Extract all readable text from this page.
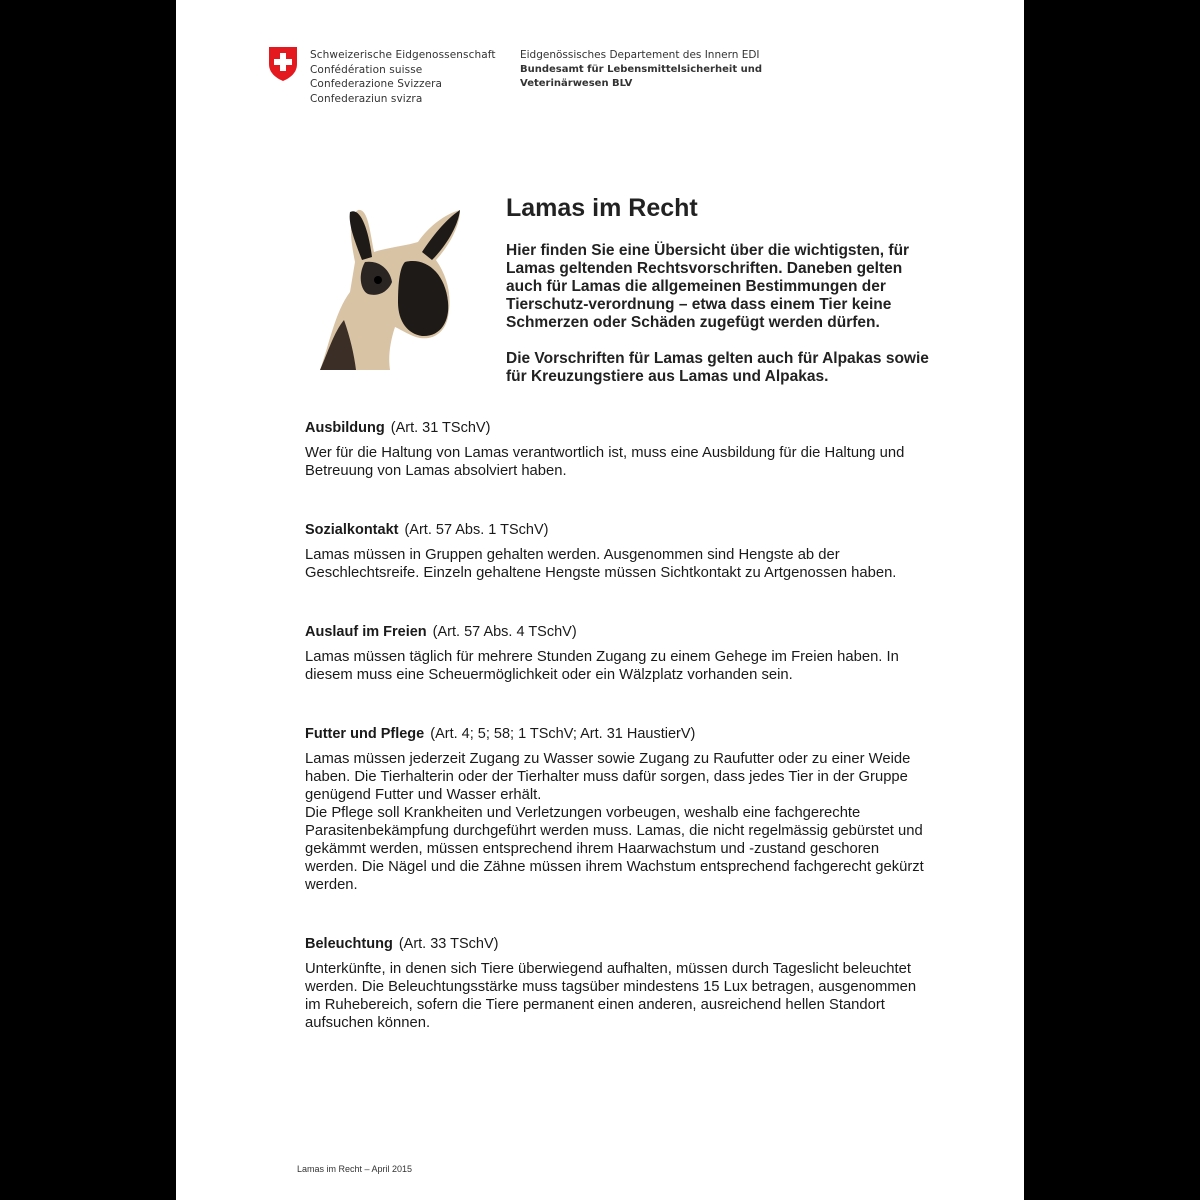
Schweizerische Eidgenossenschaft
Confédération suisse
Confederazione Svizzera
Confederaziun svizra
Eidgenössisches Departement des Innern EDI
Bundesamt für Lebensmittelsicherheit und
Veterinärwesen BLV
Lamas im Recht

Hier finden Sie eine Übersicht über die wichtigsten, für Lamas geltenden Rechtsvorschriften. Daneben gelten auch für Lamas die allgemeinen Bestimmungen der Tierschutz-verordnung – etwa dass einem Tier keine Schmerzen oder Schäden zugefügt werden dürfen.

Die Vorschriften für Lamas gelten auch für Alpakas sowie für Kreuzungstiere aus Lamas und Alpakas.

Ausbildung (Art. 31 TSchV)

Wer für die Haltung von Lamas verantwortlich ist, muss eine Ausbildung für die Haltung und Betreuung von Lamas absolviert haben.

Sozialkontakt (Art. 57 Abs. 1 TSchV)

Lamas müssen in Gruppen gehalten werden. Ausgenommen sind Hengste ab der Geschlechtsreife. Einzeln gehaltene Hengste müssen Sichtkontakt zu Artgenossen haben.

Auslauf im Freien (Art. 57 Abs. 4 TSchV)

Lamas müssen täglich für mehrere Stunden Zugang zu einem Gehege im Freien haben. In diesem muss eine Scheuermöglichkeit oder ein Wälzplatz vorhanden sein.

Futter und Pflege (Art. 4; 5; 58; 1 TSchV; Art. 31 HaustierV)

Lamas müssen jederzeit Zugang zu Wasser sowie Zugang zu Raufutter oder zu einer Weide haben. Die Tierhalterin oder der Tierhalter muss dafür sorgen, dass jedes Tier in der Gruppe genügend Futter und Wasser erhält.

Die Pflege soll Krankheiten und Verletzungen vorbeugen, weshalb eine fachgerechte Parasitenbekämpfung durchgeführt werden muss. Lamas, die nicht regelmässig gebürstet und gekämmt werden, müssen entsprechend ihrem Haarwachstum und -zustand geschoren werden. Die Nägel und die Zähne müssen ihrem Wachstum entsprechend fachgerecht gekürzt werden.

Beleuchtung (Art. 33 TSchV)

Unterkünfte, in denen sich Tiere überwiegend aufhalten, müssen durch Tageslicht beleuchtet werden. Die Beleuchtungsstärke muss tagsüber mindestens 15 Lux betragen, ausgenommen im Ruhebereich, sofern die Tiere permanent einen anderen, ausreichend hellen Standort aufsuchen können.

Lamas im Recht – April 2015
